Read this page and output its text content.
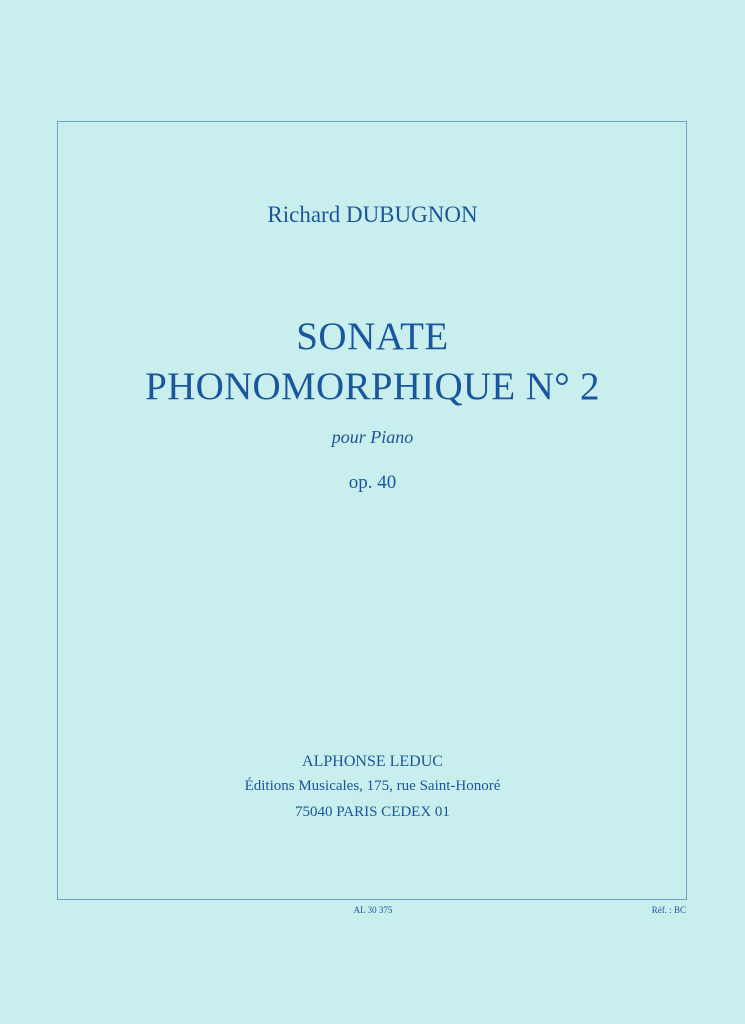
Richard DUBUGNON
SONATE
PHONOMORPHIQUE N° 2
pour Piano
op. 40
ALPHONSE LEDUC
Éditions Musicales, 175, rue Saint-Honoré
75040 PARIS CEDEX 01
AL 30 375	Réf. : BC
